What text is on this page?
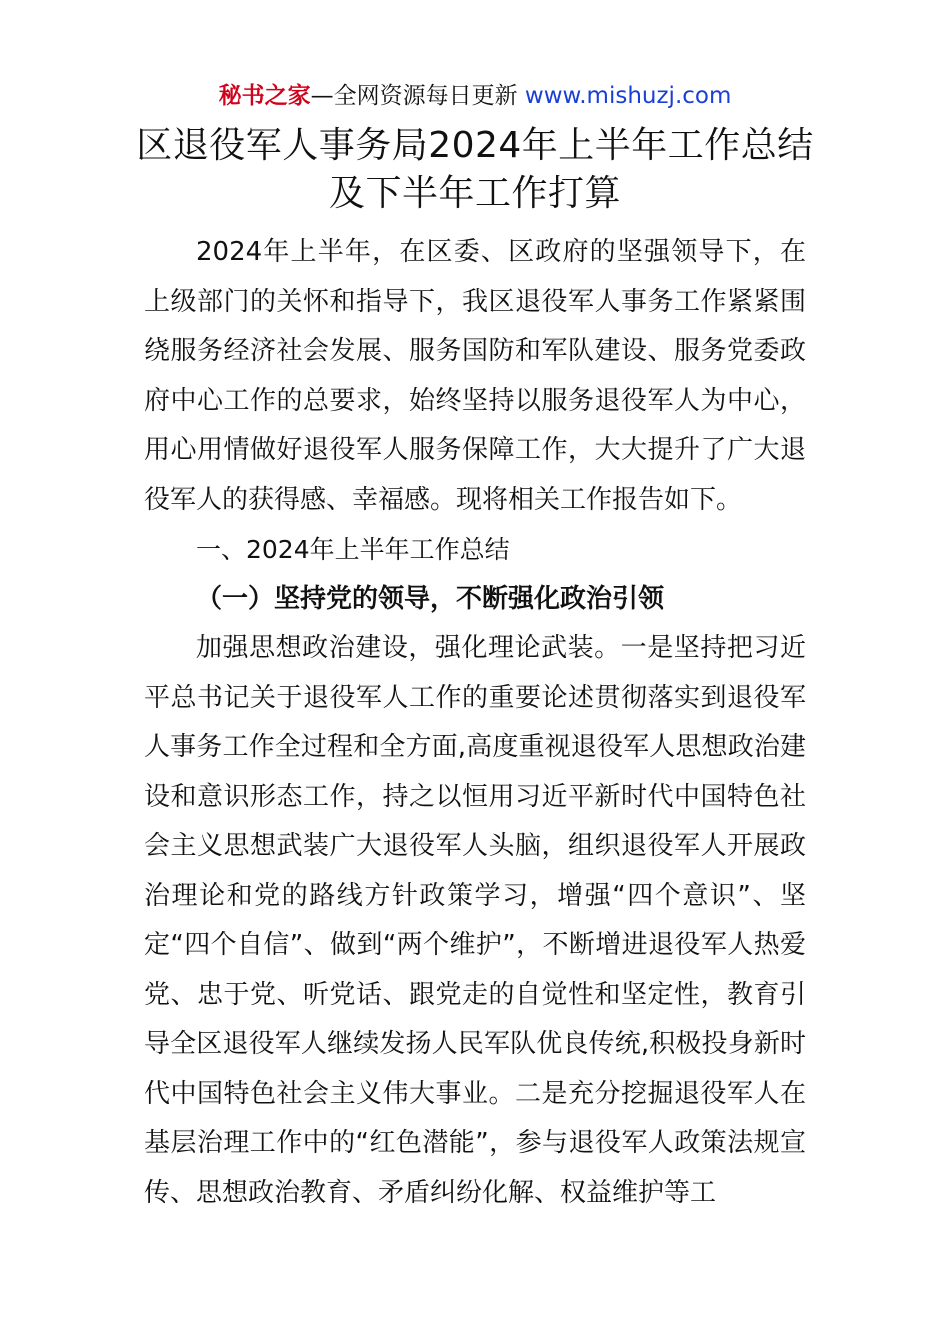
秘书之家—全网资源每日更新 www.mishuzj.com
区退役军人事务局2024年上半年工作总结及下半年工作打算

2024年上半年，在区委、区政府的坚强领导下，在上级部门的关怀和指导下，我区退役军人事务工作紧紧围绕服务经济社会发展、服务国防和军队建设、服务党委政府中心工作的总要求，始终坚持以服务退役军人为中心，用心用情做好退役军人服务保障工作，大大提升了广大退役军人的获得感、幸福感。现将相关工作报告如下。

一、2024年上半年工作总结

（一）坚持党的领导，不断强化政治引领

加强思想政治建设，强化理论武装。一是坚持把习近平总书记关于退役军人工作的重要论述贯彻落实到退役军人事务工作全过程和全方面,高度重视退役军人思想政治建设和意识形态工作，持之以恒用习近平新时代中国特色社会主义思想武装广大退役军人头脑，组织退役军人开展政治理论和党的路线方针政策学习，增强“四个意识”、坚定“四个自信”、做到“两个维护”，不断增进退役军人热爱党、忠于党、听党话、跟党走的自觉性和坚定性，教育引导全区退役军人继续发扬人民军队优良传统,积极投身新时代中国特色社会主义伟大事业。二是充分挖掘退役军人在基层治理工作中的“红色潜能”，参与退役军人政策法规宣传、思想政治教育、矛盾纠纷化解、权益维护等工
